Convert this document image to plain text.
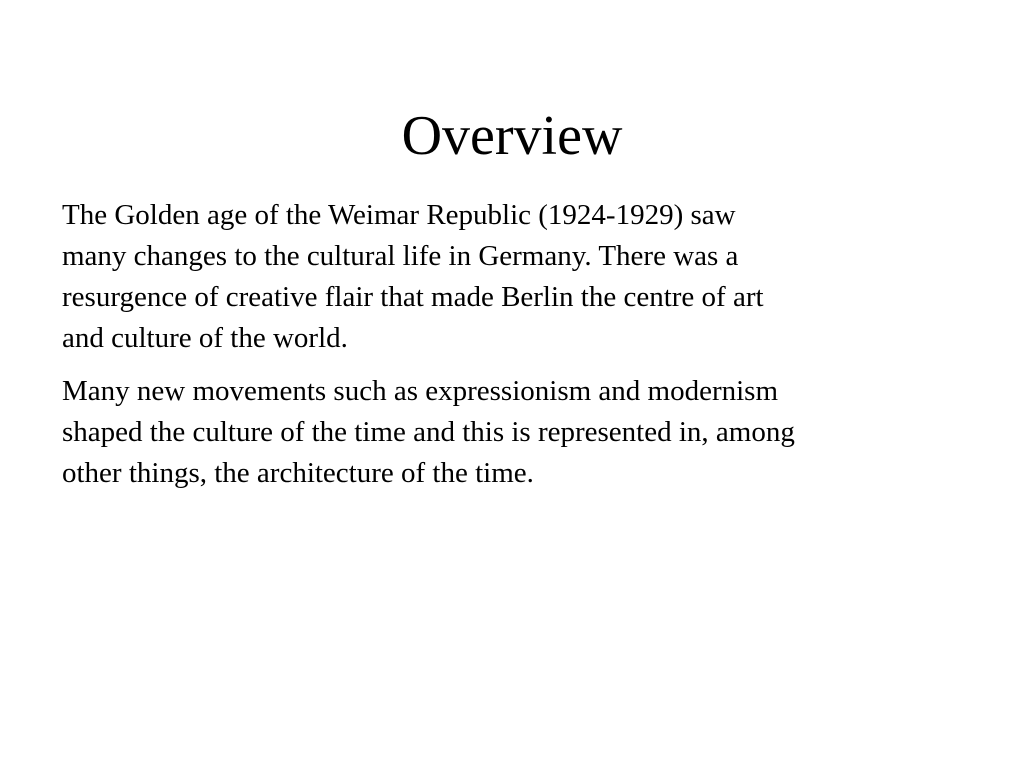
Overview

The Golden age of the Weimar Republic (1924-1929) saw
many changes to the cultural life in Germany. There was a
resurgence of creative flair that made Berlin the centre of art
and culture of the world.

Many new movements such as expressionism and modernism
shaped the culture of the time and this is represented in, among
other things, the architecture of the time.
